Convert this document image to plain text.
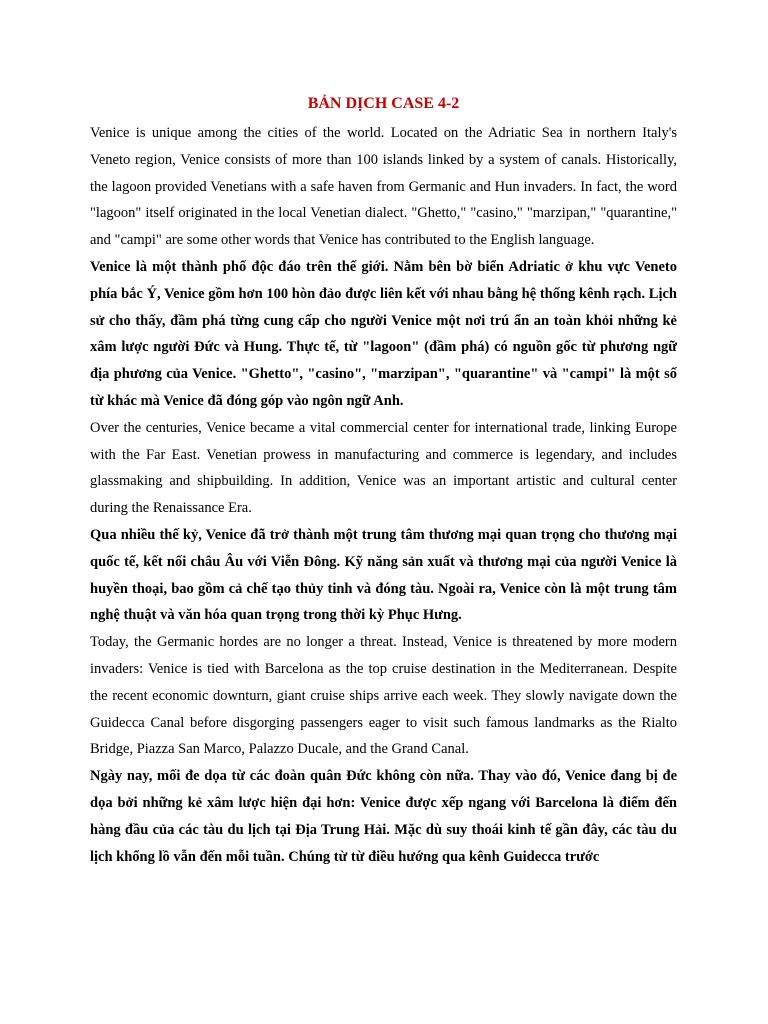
BẢN DỊCH CASE 4-2

Venice is unique among the cities of the world. Located on the Adriatic Sea in northern Italy's Veneto region, Venice consists of more than 100 islands linked by a system of canals. Historically, the lagoon provided Venetians with a safe haven from Germanic and Hun invaders. In fact, the word "lagoon" itself originated in the local Venetian dialect. "Ghetto," "casino," "marzipan," "quarantine," and "campi" are some other words that Venice has contributed to the English language.

Venice là một thành phố độc đáo trên thế giới. Nằm bên bờ biển Adriatic ở khu vực Veneto phía bắc Ý, Venice gồm hơn 100 hòn đảo được liên kết với nhau bằng hệ thống kênh rạch. Lịch sử cho thấy, đầm phá từng cung cấp cho người Venice một nơi trú ẩn an toàn khỏi những kẻ xâm lược người Đức và Hung. Thực tế, từ "lagoon" (đầm phá) có nguồn gốc từ phương ngữ địa phương của Venice. "Ghetto", "casino", "marzipan", "quarantine" và "campi" là một số từ khác mà Venice đã đóng góp vào ngôn ngữ Anh.

Over the centuries, Venice became a vital commercial center for international trade, linking Europe with the Far East. Venetian prowess in manufacturing and commerce is legendary, and includes glassmaking and shipbuilding. In addition, Venice was an important artistic and cultural center during the Renaissance Era.

Qua nhiều thế kỷ, Venice đã trở thành một trung tâm thương mại quan trọng cho thương mại quốc tế, kết nối châu Âu với Viễn Đông. Kỹ năng sản xuất và thương mại của người Venice là huyền thoại, bao gồm cả chế tạo thủy tinh và đóng tàu. Ngoài ra, Venice còn là một trung tâm nghệ thuật và văn hóa quan trọng trong thời kỳ Phục Hưng.

Today, the Germanic hordes are no longer a threat. Instead, Venice is threatened by more modern invaders: Venice is tied with Barcelona as the top cruise destination in the Mediterranean. Despite the recent economic downturn, giant cruise ships arrive each week. They slowly navigate down the Guidecca Canal before disgorging passengers eager to visit such famous landmarks as the Rialto Bridge, Piazza San Marco, Palazzo Ducale, and the Grand Canal.

Ngày nay, mối đe dọa từ các đoàn quân Đức không còn nữa. Thay vào đó, Venice đang bị đe dọa bởi những kẻ xâm lược hiện đại hơn: Venice được xếp ngang với Barcelona là điểm đến hàng đầu của các tàu du lịch tại Địa Trung Hải. Mặc dù suy thoái kinh tế gần đây, các tàu du lịch khổng lồ vẫn đến mỗi tuần. Chúng từ từ điều hướng qua kênh Guidecca trước
